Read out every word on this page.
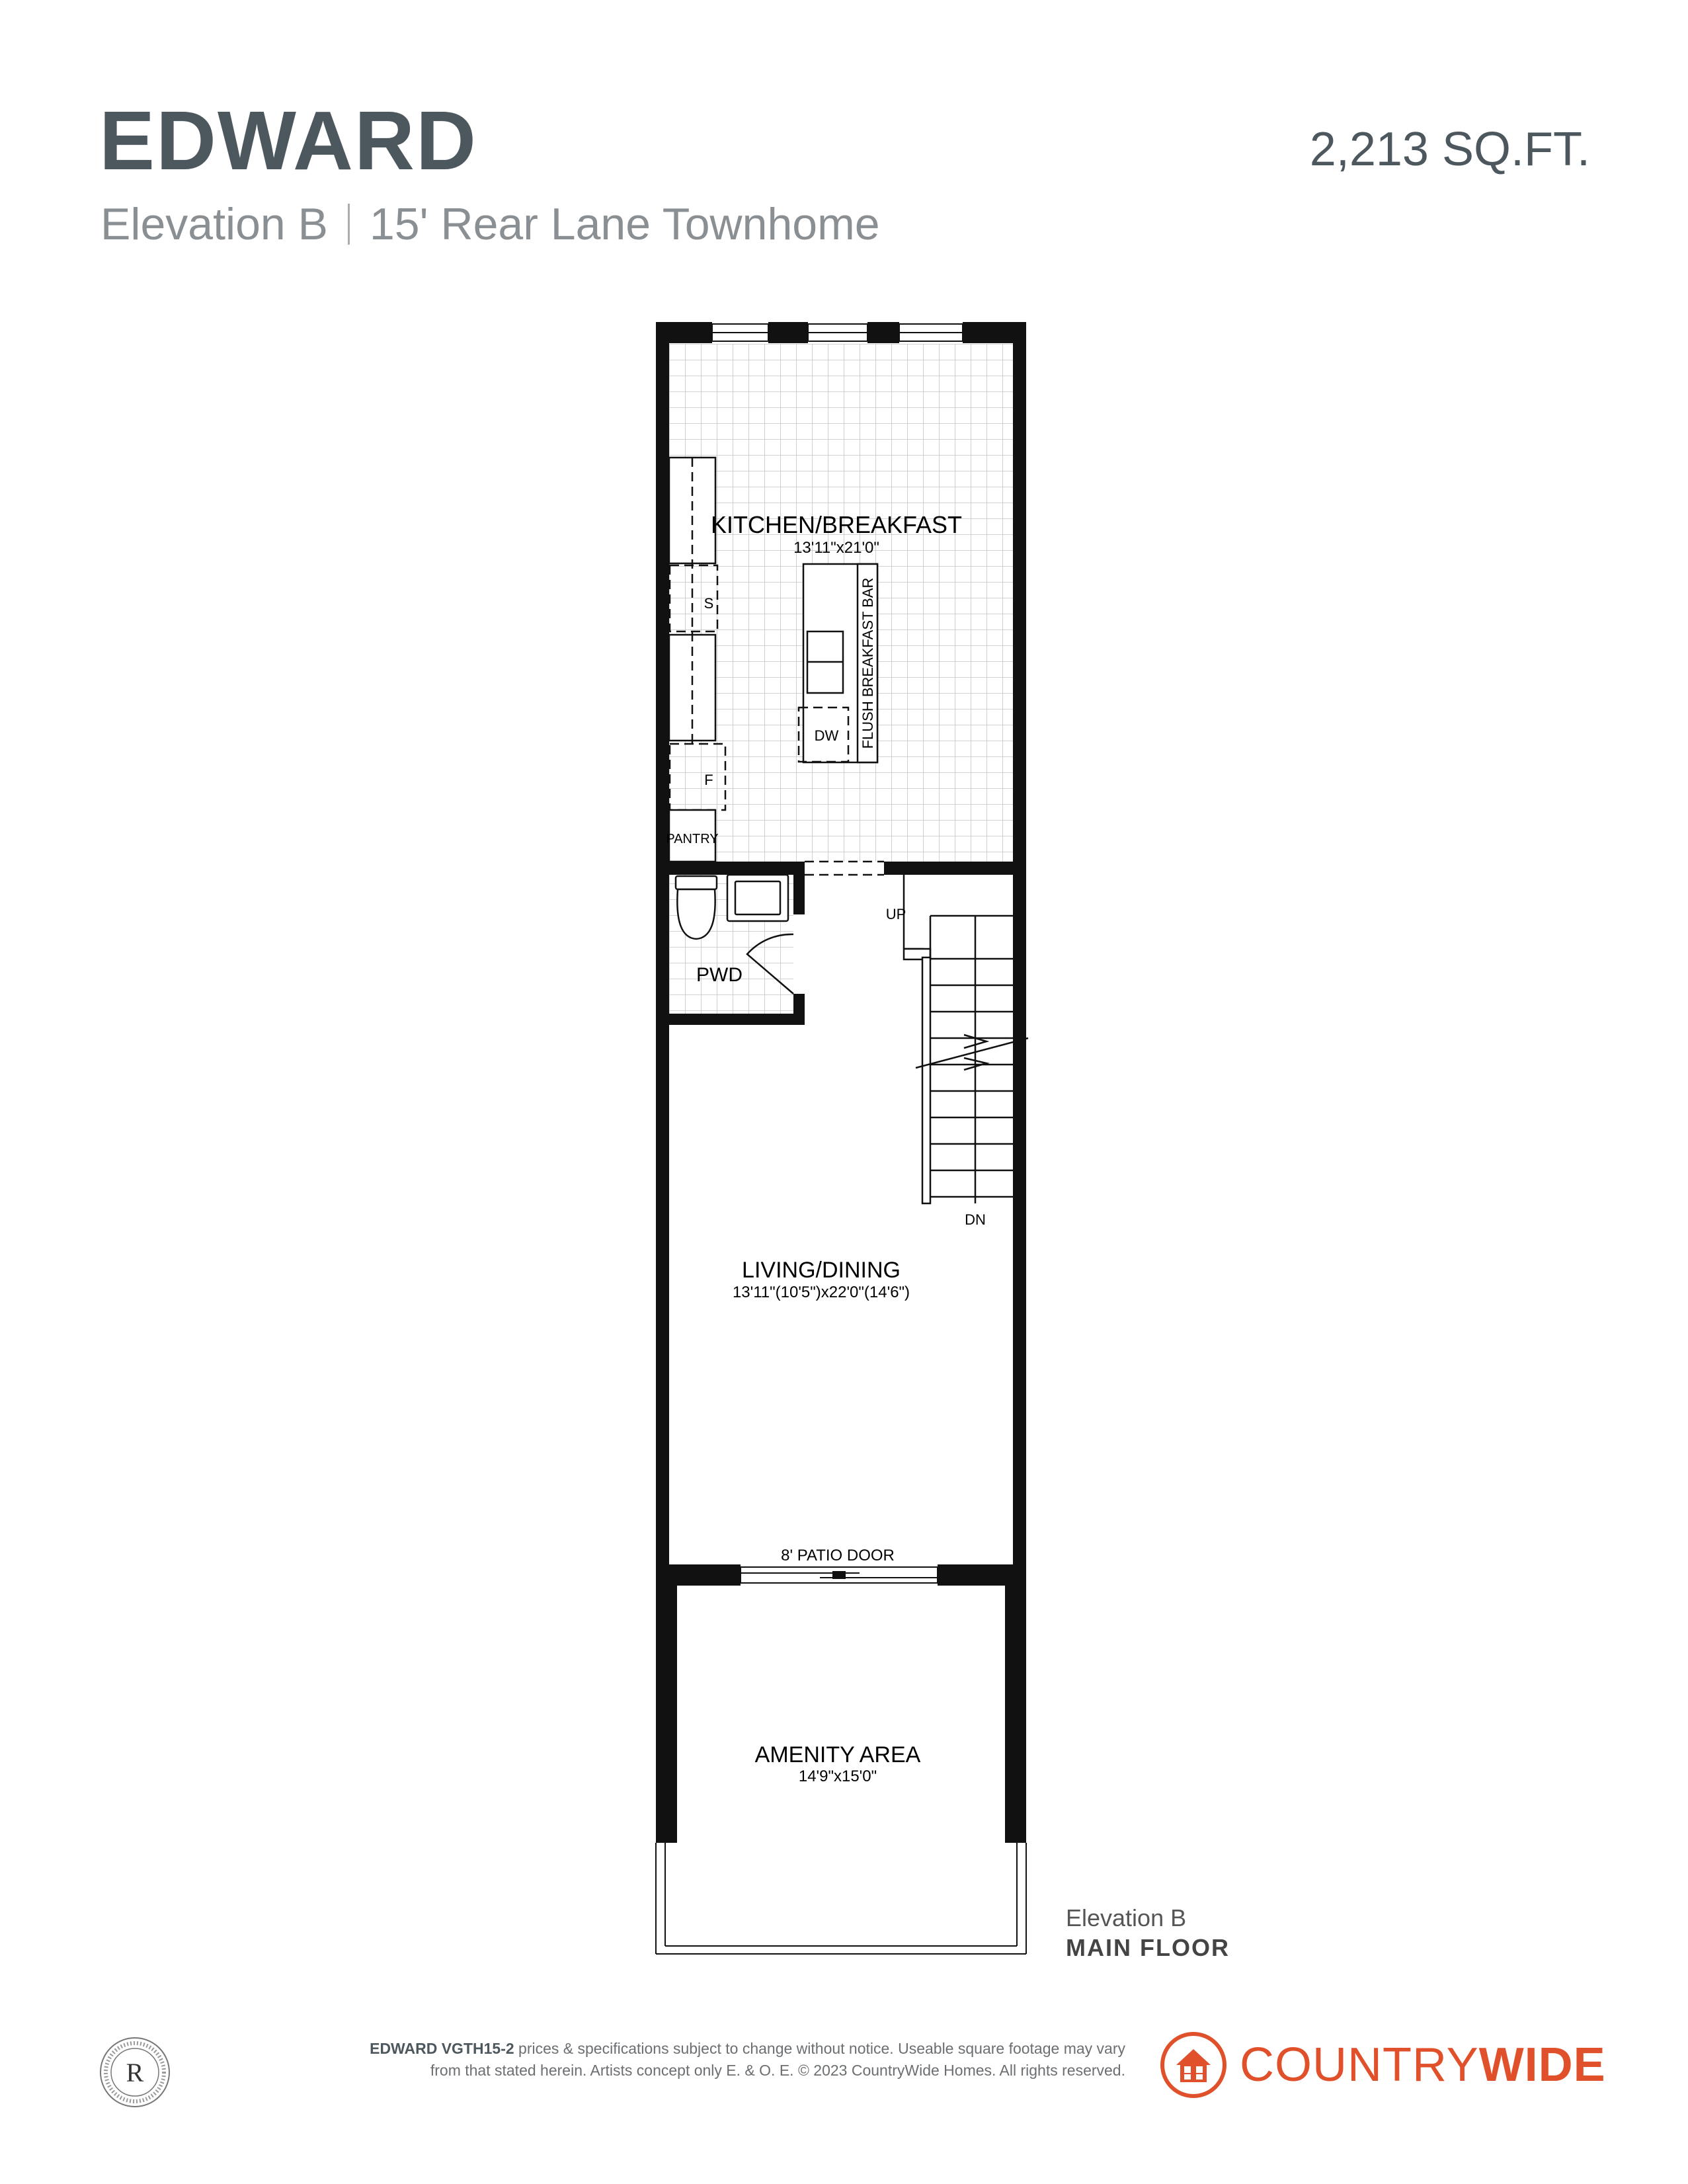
EDWARD
Elevation B 15' Rear Lane Townhome
2,213 SQ.FT.
KITCHEN/BREAKFAST
13'11"x21'0"
S
F
DW FLUSH BREAKFAST BAR
PANTRY
PWD
UP
DN
LIVING/DINING
13'11"(10'5")x22'0"(14'6")
8' PATIO DOOR
AMENITY AREA
14'9"x15'0"
Elevation B
MAIN FLOOR
R
EDWARD VGTH15-2 prices & specifications subject to change without notice. Useable square footage may vary
from that stated herein. Artists concept only E. & O. E. © 2023 CountryWide Homes. All rights reserved. COUNTRYWIDE
